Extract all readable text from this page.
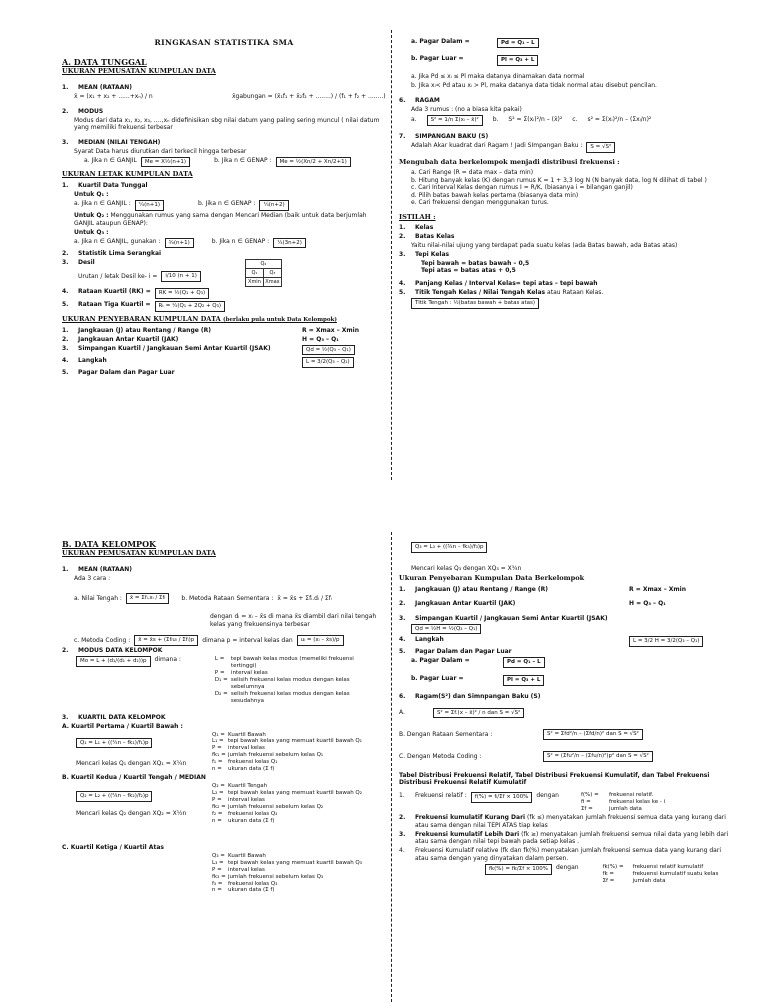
RINGKASAN STATISTIKA SMA
A. DATA TUNGGAL
UKURAN PEMUSATAN KUMPULAN DATA
1.	MEAN (RATAAN)
x̄ = (x₁ + x₂ + ......+xₙ) / n	x̄gabungan = (x̄₁f₁ + x̄₂f₂ + ........) / (f₁ + f₂ + ........)
2.	MODUS
Modus dari data x₁, x₂, x₃, ….,xₙ didefinisikan sbg nilai datum yang paling sering muncul ( nilai datum yang memiliki frekuensi terbesar
3.	MEDIAN (NILAI TENGAH)
Syarat Data harus diurutkan dari terkecil hingga terbesar
a. Jika n ∈ GANJIL	Me = X½(n+1)	b. Jika n ∈ GENAP :	Me = ½(Xn/2 + Xn/2+1)
UKURAN LETAK KUMPULAN DATA
1.	Kuartil Data Tunggal
Untuk Q₁ :
a. Jika n ∈ GANJIL :	¼(n+1)	b. Jika n ∈ GENAP :	¼(n+2)
Untuk Q₂ : Menggunakan rumus yang sama dengan Mencari Median (baik untuk data berjumlah GANJIL ataupun GENAP):
Untuk Q₃ :
a. Jika n ∈ GANJIL, gunakan :	¾(n+1)	b. Jika n ∈ GENAP :	¼(3n+2)
2.	Statistik Lima Serangkai
3.	Desil
Urutan / letak Desil ke- i =	i/10 (n + 1)
Q₂	
Q₁	Q₃
Xmin	Xmax
4.	Rataan Kuartil (RK) =	RK = ½(Q₁ + Q₃)
5.	Rataan Tiga Kuartil =	Rₜ = ¼(Q₁ + 2Q₂ + Q₃)
UKURAN PENYEBARAN KUMPULAN DATA (berlaku pula untuk Data Kelompok)
1.	Jangkauan (J) atau Rentang / Range (R)	R = Xmax – Xmin
2.	Jangkauan Antar Kuartil (JAK)	H = Q₃ – Q₁
3.	Simpangan Kuartil / Jangkauan Semi Antar Kuartil (JSAK)	Qd = ½(Q₃ – Q₁)
4.	Langkah	L = 3/2(Q₃ – Q₁)
5.	Pagar Dalam dan Pagar Luar
a. Pagar Dalam =	Pd = Q₁ – L
b. Pagar Luar =	Pl = Q₃ + L
a. Jika Pd ≤ xᵢ ≤ Pl maka datanya dinamakan data normal
b. Jika xᵢ< Pd atau xᵢ > Pl, maka datanya data tidak normal atau disebut pencilan.
6.	RAGAM
Ada 3 rumus : (no a biasa kita pakai)
a.	S² = 1/n Σ(xᵢ – x̄)²	b. S² = Σ(xᵢ)²/n – (x̄)² c. s² = Σ(xᵢ)²/n – (Σxᵢ/n)²
7.	SIMPANGAN BAKU (S)
Adalah Akar kuadrat dari Ragam ! Jadi SImpangan Baku :	S = √S²
Mengubah data berkelompok menjadi distribusi frekuensi :
a. Cari Range (R = data max – data min)
b. Hitung banyak kelas (K) dengan rumus K = 1 + 3,3 log N (N banyak data, log N dilihat di tabel )
c. Cari Interval Kelas dengan rumus I = R/K, (biasanya i = bilangan ganjil)
d. Pilih batas bawah kelas pertama (biasanya data min)
e. Cari frekuensi dengan menggunakan turus.
ISTILAH :
1.	Kelas
2.	Batas Kelas
Yaitu nilai-nilai ujung yang terdapat pada suatu kelas (ada Batas bawah, ada Batas atas)
3.	Tepi Kelas
Tepi bawah = batas bawah – 0,5
Tepi atas = batas atas + 0,5
4.	Panjang Kelas / Interval Kelas= tepi atas – tepi bawah
5.	Titik Tengah Kelas / Nilai Tengah Kelas atau Rataan Kelas.
Titik Tengah : ½(batas bawah + batas atas)
B. DATA KELOMPOK
UKURAN PEMUSATAN KUMPULAN DATA
1.	MEAN (RATAAN)
Ada 3 cara :
a. Nilai Tengah :	x̄ = Σfᵢ.xᵢ / Σfᵢ	b. Metoda Rataan Sementara : x̄ = x̄s + Σfᵢ.dᵢ / Σfᵢ
dengan dᵢ = xᵢ – x̄s di mana x̄s diambil dari nilai tengah kelas yang frekuensinya terbesar
c. Metoda Coding :	x̄ = x̄s + (Σfᵢuᵢ / Σfᵢ)p	dimana p = interval kelas dan	uᵢ = (xᵢ – x̄s)/p
2.	MODUS DATA KELOMPOK
Mo = L + (d₁/(d₁ + d₂))p	dimana :	L =	tepi bawah kelas modus (memeliki frekuensi tertinggi)
P =	interval kelas
D₁ = selisih frekuensi kelas modus dengan kelas sebelumnya
D₂ = selisih frekuensi kelas modus dengan kelas sesudahnya
3.	KUARTIL DATA KELOMPOK
A. Kuartil Pertama / Kuartil Bawah :
Q₁ = L₁ + ((¼n – fk₁)/f₁)p
Mencari kelas Q₁ dengan XQ₁ = X¼n
Q₁ = Kuartil Bawah
L₁ = tepi bawah kelas yang memuat kuartil bawah Q₁
P =	interval kelas
fk₁ = jumlah frekuensi sebelum kelas Q₁
f₁ =	frekuensi kelas Q₁
n =	ukuran data (Σ f)
B. Kuartil Kedua / Kuartil Tengah / MEDIAN
Q₂ = L₂ + ((²⁄₄n – fk₂)/f₂)p
Mencari kelas Q₂ dengan XQ₂ = X½n
Q₂ = Kuartil Tengah
L₂ = tepi bawah kelas yang memuat kuartil bawah Q₂
P =	interval kelas
fk₂ = jumlah frekuensi sebelum kelas Q₂
f₂ =	frekuensi kelas Q₂
n =	ukuran data (Σ f)
C. Kuartil Ketiga / Kuartil Atas
Q₃ = Kuartil Bawah
L₃ = tepi bawah kelas yang memuat kuartil bawah Q₃
P =	interval kelas
fk₃ = jumlah frekuensi sebelum kelas Q₃
f₃ =	frekuensi kelas Q₃
n =	ukuran data (Σ f)
Q₃ = L₃ + ((¾n – fk₃)/f₃)p
Mencari kelas Q₃ dengan XQ₃ = X¾n
Ukuran Penyebaran Kumpulan Data Berkelompok
1.	Jangkauan (J) atau Rentang / Range (R)	R = Xmax – Xmin
2.	Jangkauan Antar Kuartil (JAK)	H = Q₃ – Q₁
3.	Simpangan Kuartil / Jangkauan Semi Antar Kuartil (JSAK)
Qd = ½H = ½(Q₃ – Q₁)
4.	Langkah	L = 3/2 H = 3/2(Q₃ – Q₁)
5.	Pagar Dalam dan Pagar Luar
a. Pagar Dalam =	Pd = Q₁ – L
b. Pagar Luar =	Pl = Q₃ + L
6.	Ragam(S²) dan Simnpangan Baku (S)
A.	S² = Σf.(x – x̄)² / n dan S = √S²
B. Dengan Rataan Sementara :	S² = Σfd²/n – (Σfd/n)² dan S = √S²
C. Dengan Metoda Coding :	S² = (Σfu²/n – (Σfu/n)²)p² dan S = √S²
Tabel Distribusi Frekuensi Relatif, Tabel Distribusi Frekuensi Kumulatif, dan Tabel Frekuensi Distribusi Frekuensi Relatif Kumulatif
1.	Frekuensi relatif :	f(%) = fᵢ/Σf × 100%	dengan	f(%) =	frekuensi relatif.
fi =	frekuensi kelas ke - i
Σf =	jumlah data
2.	Frekuensi kumulatif Kurang Dari (fk ≤) menyatakan jumlah frekuensi semua data yang kurang dari atau sama dengan nilai TEPI ATAS tiap kelas
3.	Frekuensi kumulatif Lebih Dari (fk ≥) menyatakan jumlah frekuensi semua nilai data yang lebih dari atau sama dengan nilai tepi bawah pada setiap kelas .
4.	Frekuensi Kumulatif relative (fk dan fk(%) menyatakan jumlah frekuensi semua data yang kurang dari atau sama dengan yang dinyatakan dalam persen.
fk(%) = fk/Σf × 100%	dengan	fk(%) =	frekuensi relatif kumulatif
fk =	frekuensi kumulatif suatu kelas
Σf =	jumlah data
